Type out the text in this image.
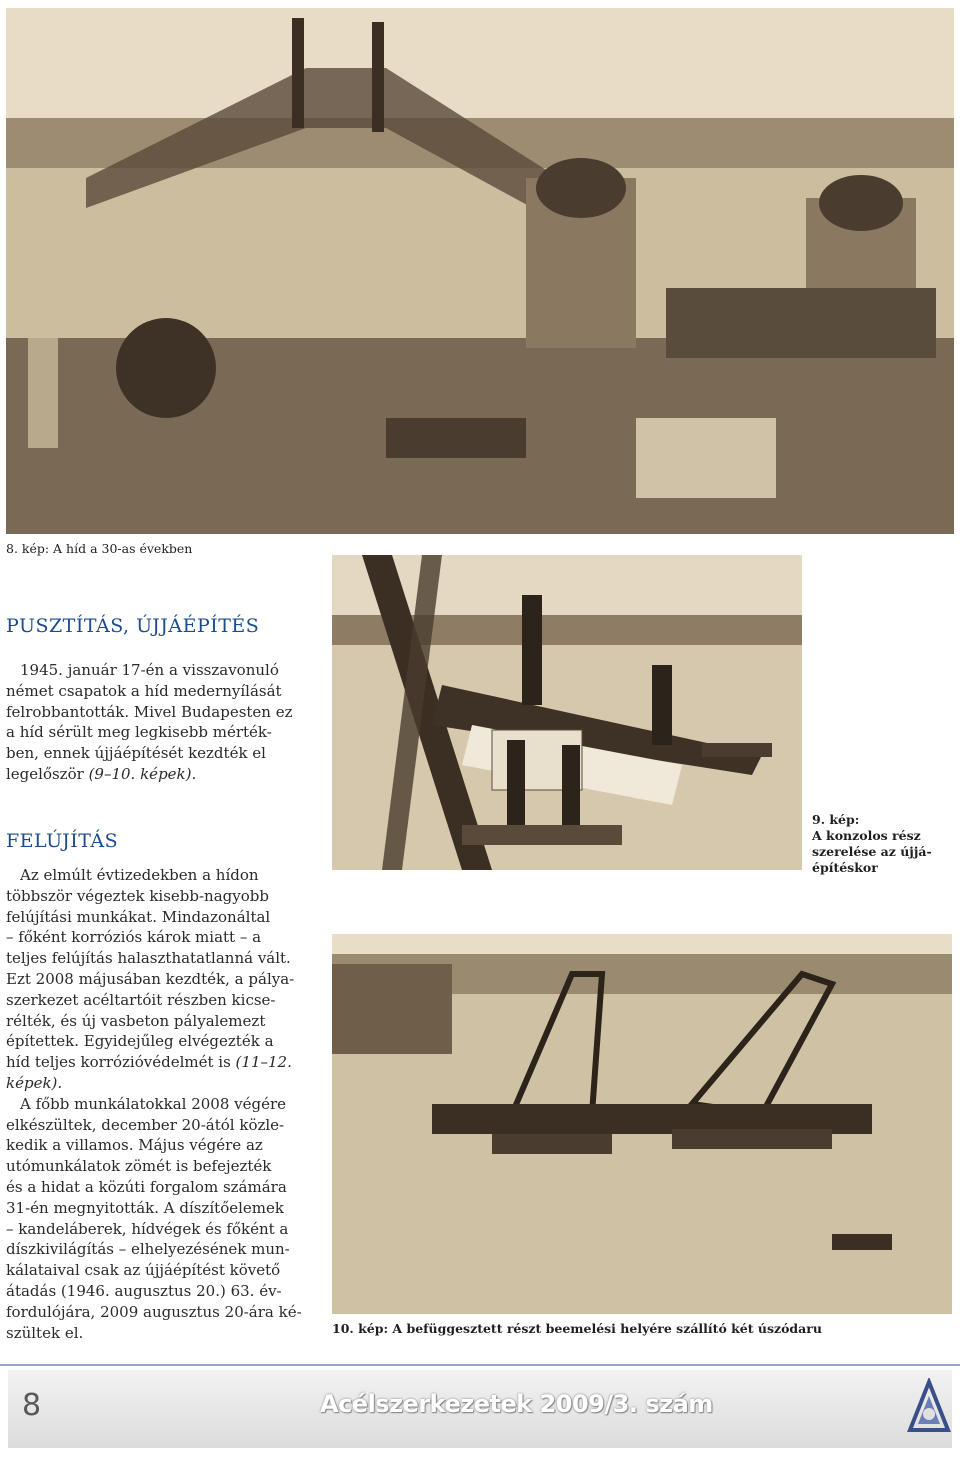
8. kép: A híd a 30-as években
9. kép:
A konzolos rész
szerelése az újjá-
építéskor
10. kép: A befüggesztett részt beemelési helyére szállító két úszódaru
PUSZTÍTÁS, ÚJJÁÉPÍTÉS

1945. január 17-én a visszavonuló

német csapatok a híd medernyílását

felrobbantották. Mivel Budapesten ez

a híd sérült meg legkisebb mérték-

ben, ennek újjáépítését kezdték el

legelőször (9–10. képek).

FELÚJÍTÁS

Az elmúlt évtizedekben a hídon

többször végeztek kisebb-nagyobb

felújítási munkákat. Mindazonáltal

– főként korróziós károk miatt – a

teljes felújítás halaszthatatlanná vált.

Ezt 2008 májusában kezdték, a pálya-

szerkezet acéltartóit részben kicse-

rélték, és új vasbeton pályalemezt

építettek. Egyidejűleg elvégezték a

híd teljes korrózióvédelmét is (11–12.

képek).

A főbb munkálatokkal 2008 végére

elkészültek, december 20-ától közle-

kedik a villamos. Május végére az

utómunkálatok zömét is befejezték

és a hidat a közúti forgalom számára

31-én megnyitották. A díszítőelemek

– kandeláberek, hídvégek és főként a

díszkivilágítás – elhelyezésének mun-

kálataival csak az újjáépítést követő

átadás (1946. augusztus 20.) 63. év-

fordulójára, 2009 augusztus 20-ára ké-

szültek el.

8	Acélszerkezetek 2009/3. szám
